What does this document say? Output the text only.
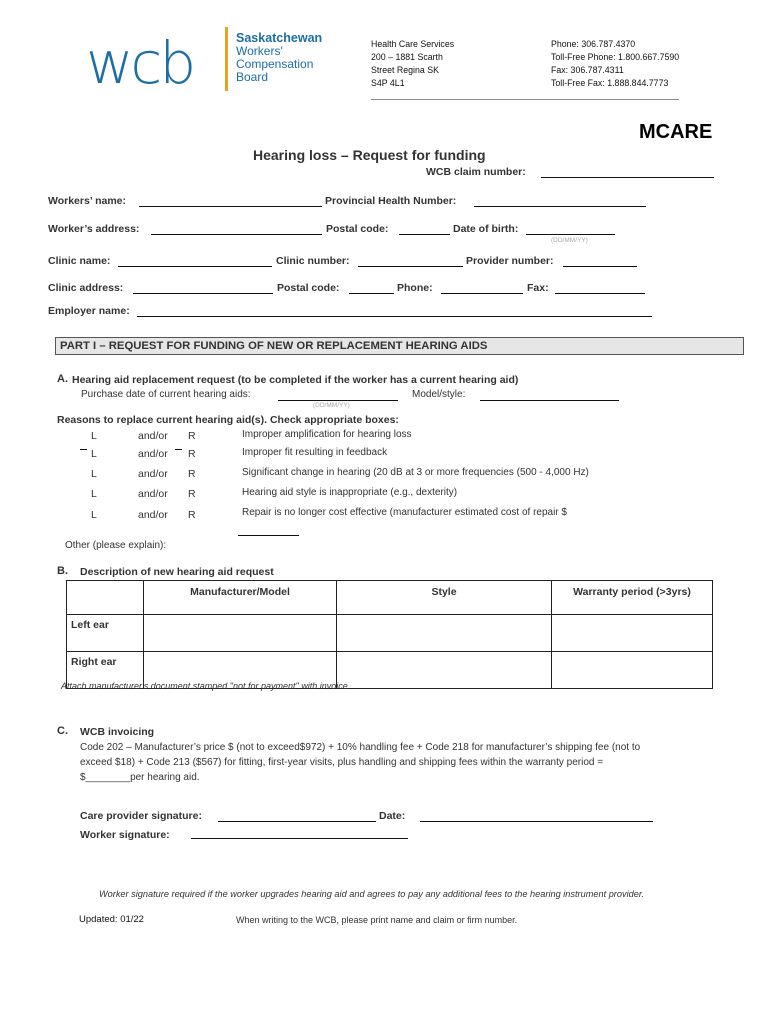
wcb	Saskatchewan
Workers'
Compensation
Board
Health Care Services
200 – 1881 Scarth
Street Regina SK
S4P 4L1
Phone: 306.787.4370
Toll-Free Phone: 1.800.667.7590
Fax: 306.787.4311
Toll-Free Fax: 1.888.844.7773
MCARE
Hearing loss – Request for funding
WCB claim number:
Workers’ name:	Provincial Health Number:
Worker’s address:	Postal code:	Date of birth:
(DD/MM/YY)
Clinic name:	Clinic number:	Provider number:
Clinic address:	Postal code:	Phone:	Fax:
Employer name:
PART I – REQUEST FOR FUNDING OF NEW OR REPLACEMENT HEARING AIDS
A. Hearing aid replacement request (to be completed if the worker has a current hearing aid)
Purchase date of current hearing aids:
(DD/MM/YY)
Model/style:
Reasons to replace current hearing aid(s). Check appropriate boxes:
L	and/or R	Improper amplification for hearing loss
L	and/or R	Improper fit resulting in feedback
L	and/or R	Significant change in hearing (20 dB at 3 or more frequencies (500 - 4,000 Hz)
L	and/or R	Hearing aid style is inappropriate (e.g., dexterity)
L	and/or R	Repair is no longer cost effective (manufacturer estimated cost of repair $
Other (please explain):
B. Description of new hearing aid request
	Manufacturer/Model	Style	Warranty period (>3yrs)
Left ear			
Right ear			
Attach manufacturer's document stamped "not for payment" with invoice.
C. WCB invoicing
Code 202 – Manufacturer’s price $ (not to exceed$972) + 10% handling fee + Code 218 for manufacturer’s shipping fee (not to
exceed $18) + Code 213 ($567) for fitting, first-year visits, plus handling and shipping fees within the warranty period =
$________per hearing aid.
Care provider signature:	Date:
Worker signature:
Worker signature required if the worker upgrades hearing aid and agrees to pay any additional fees to the hearing instrument provider.
Updated: 01/22	When writing to the WCB, please print name and claim or firm number.
